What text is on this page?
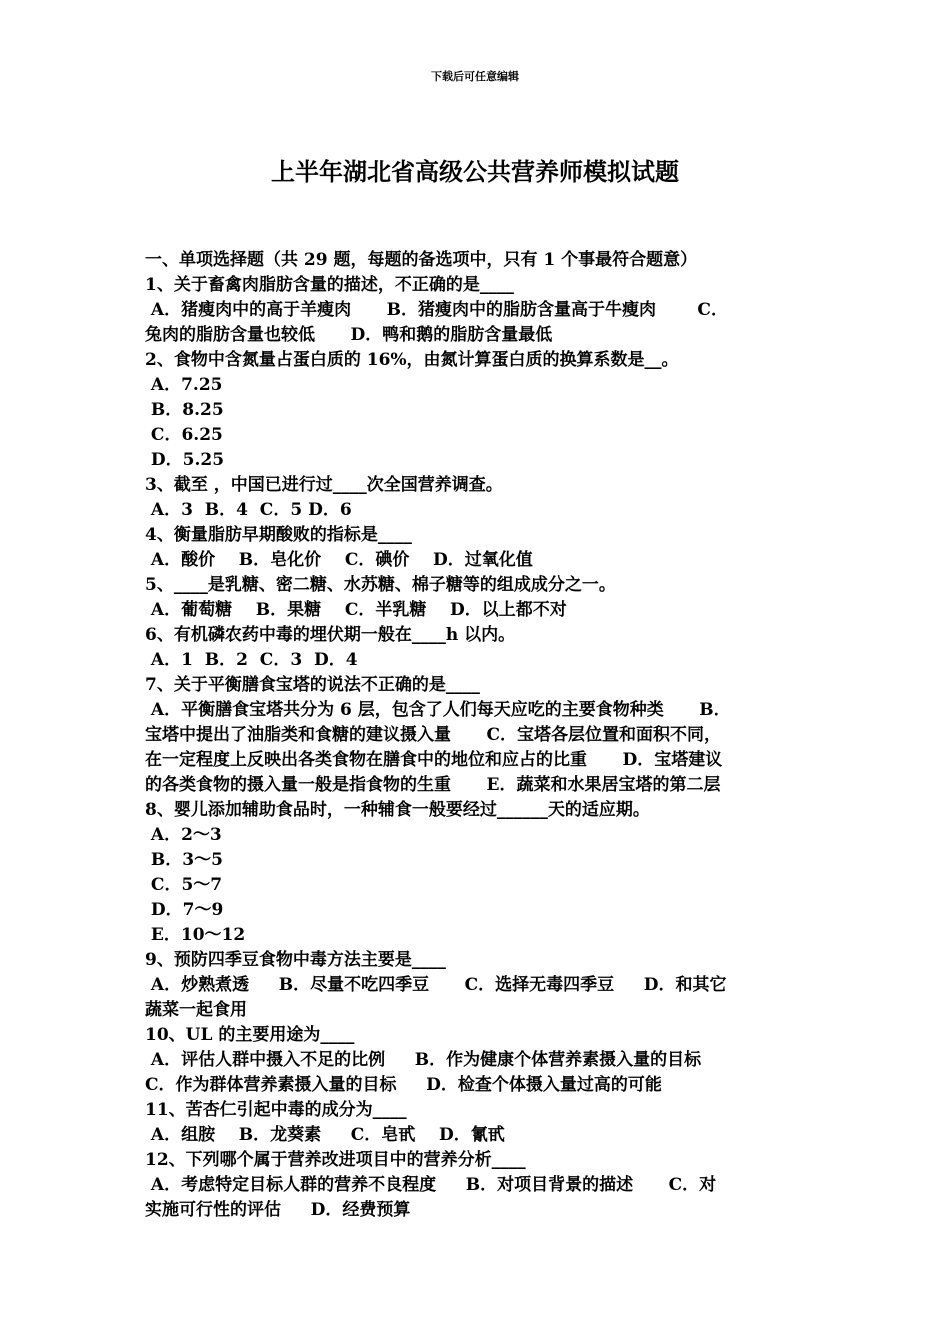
下载后可任意编辑
上半年湖北省高级公共营养师模拟试题
一、单项选择题（共 29 题，每题的备选项中，只有 1 个事最符合题意）
1、关于畜禽肉脂肪含量的描述，不正确的是____
A．猪瘦肉中的高于羊瘦肉      B．猪瘦肉中的脂肪含量高于牛瘦肉       C．
兔肉的脂肪含量也较低      D．鸭和鹅的脂肪含量最低
2、食物中含氮量占蛋白质的 16%，由氮计算蛋白质的换算系数是__。
A．7.25
B．8.25
C．6.25
D．5.25
3、截至 ，中国已进行过____次全国营养调查。
A．3  B．4  C．5 D．6
4、衡量脂肪早期酸败的指标是____
A．酸价    B．皂化价    C．碘价    D．过氧化值
5、____是乳糖、密二糖、水苏糖、棉子糖等的组成成分之一。
A．葡萄糖    B．果糖    C．半乳糖    D．以上都不对
6、有机磷农药中毒的埋伏期一般在____h 以内。
A．1  B．2  C．3  D．4
7、关于平衡膳食宝塔的说法不正确的是____
A．平衡膳食宝塔共分为 6 层，包含了人们每天应吃的主要食物种类      B．
宝塔中提出了油脂类和食糖的建议摄入量      C．宝塔各层位置和面积不同，
在一定程度上反映出各类食物在膳食中的地位和应占的比重      D．宝塔建议
的各类食物的摄入量一般是指食物的生重      E．蔬菜和水果居宝塔的第二层
8、婴儿添加辅助食品时，一种辅食一般要经过______天的适应期。
A．2～3
B．3～5
C．5～7
D．7～9
E．10～12
9、预防四季豆食物中毒方法主要是____
A．炒熟煮透     B．尽量不吃四季豆      C．选择无毒四季豆     D．和其它
蔬菜一起食用
10、UL 的主要用途为____
A．评估人群中摄入不足的比例     B．作为健康个体营养素摄入量的目标
C．作为群体营养素摄入量的目标     D．检查个体摄入量过高的可能
11、苦杏仁引起中毒的成分为____
A．组胺    B．龙葵素     C．皂甙    D．氰甙
12、下列哪个属于营养改进项目中的营养分析____
A．考虑特定目标人群的营养不良程度     B．对项目背景的描述      C．对
实施可行性的评估     D．经费预算
